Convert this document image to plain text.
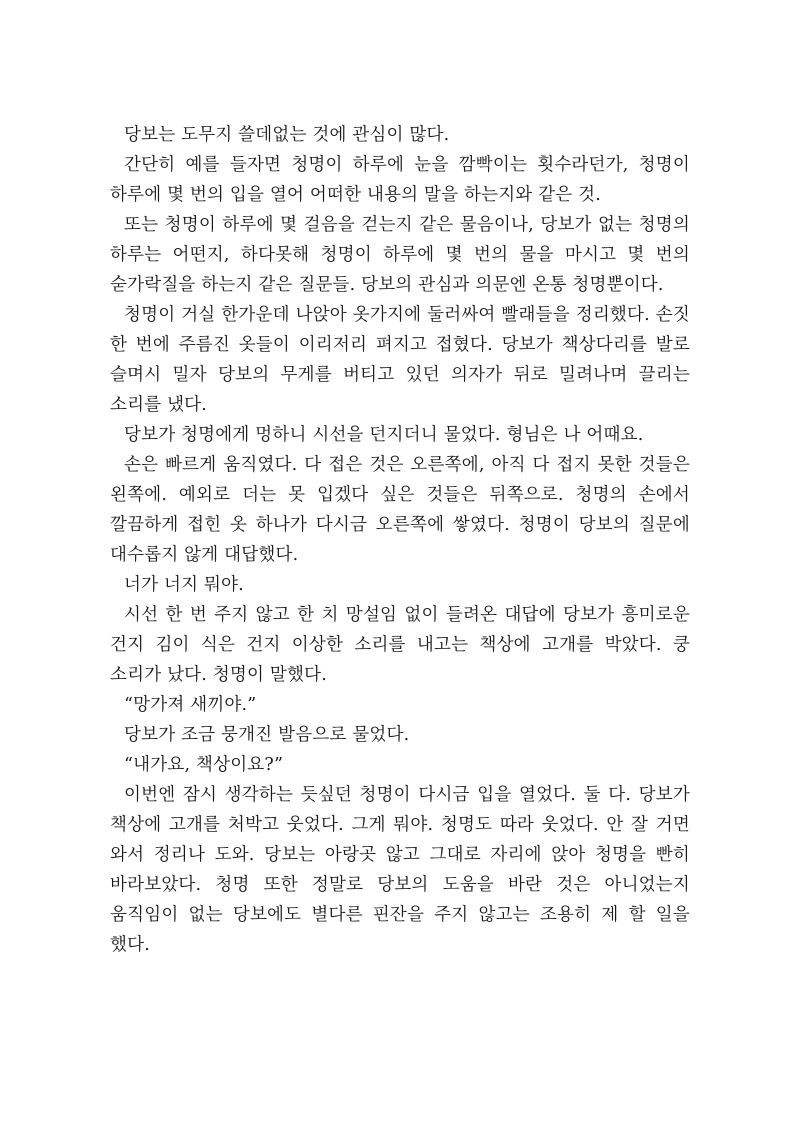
당보는 도무지 쓸데없는 것에 관심이 많다.

간단히 예를 들자면 청명이 하루에 눈을 깜빡이는 횟수라던가, 청명이 하루에 몇 번의 입을 열어 어떠한 내용의 말을 하는지와 같은 것.

또는 청명이 하루에 몇 걸음을 걷는지 같은 물음이나, 당보가 없는 청명의 하루는 어떤지, 하다못해 청명이 하루에 몇 번의 물을 마시고 몇 번의 숟가락질을 하는지 같은 질문들. 당보의 관심과 의문엔 온통 청명뿐이다.

청명이 거실 한가운데 나앉아 옷가지에 둘러싸여 빨래들을 정리했다. 손짓 한 번에 주름진 옷들이 이리저리 펴지고 접혔다. 당보가 책상다리를 발로 슬며시 밀자 당보의 무게를 버티고 있던 의자가 뒤로 밀려나며 끌리는 소리를 냈다.

당보가 청명에게 멍하니 시선을 던지더니 물었다. 형님은 나 어때요.

손은 빠르게 움직였다. 다 접은 것은 오른쪽에, 아직 다 접지 못한 것들은 왼쪽에. 예외로 더는 못 입겠다 싶은 것들은 뒤쪽으로. 청명의 손에서 깔끔하게 접힌 옷 하나가 다시금 오른쪽에 쌓였다. 청명이 당보의 질문에 대수롭지 않게 대답했다.

너가 너지 뭐야.

시선 한 번 주지 않고 한 치 망설임 없이 들려온 대답에 당보가 흥미로운 건지 김이 식은 건지 이상한 소리를 내고는 책상에 고개를 박았다. 쿵 소리가 났다. 청명이 말했다.

“망가져 새끼야.”

당보가 조금 뭉개진 발음으로 물었다.

“내가요, 책상이요?”

이번엔 잠시 생각하는 듯싶던 청명이 다시금 입을 열었다. 둘 다. 당보가 책상에 고개를 처박고 웃었다. 그게 뭐야. 청명도 따라 웃었다. 안 잘 거면 와서 정리나 도와. 당보는 아랑곳 않고 그대로 자리에 앉아 청명을 빤히 바라보았다. 청명 또한 정말로 당보의 도움을 바란 것은 아니었는지 움직임이 없는 당보에도 별다른 핀잔을 주지 않고는 조용히 제 할 일을 했다.
